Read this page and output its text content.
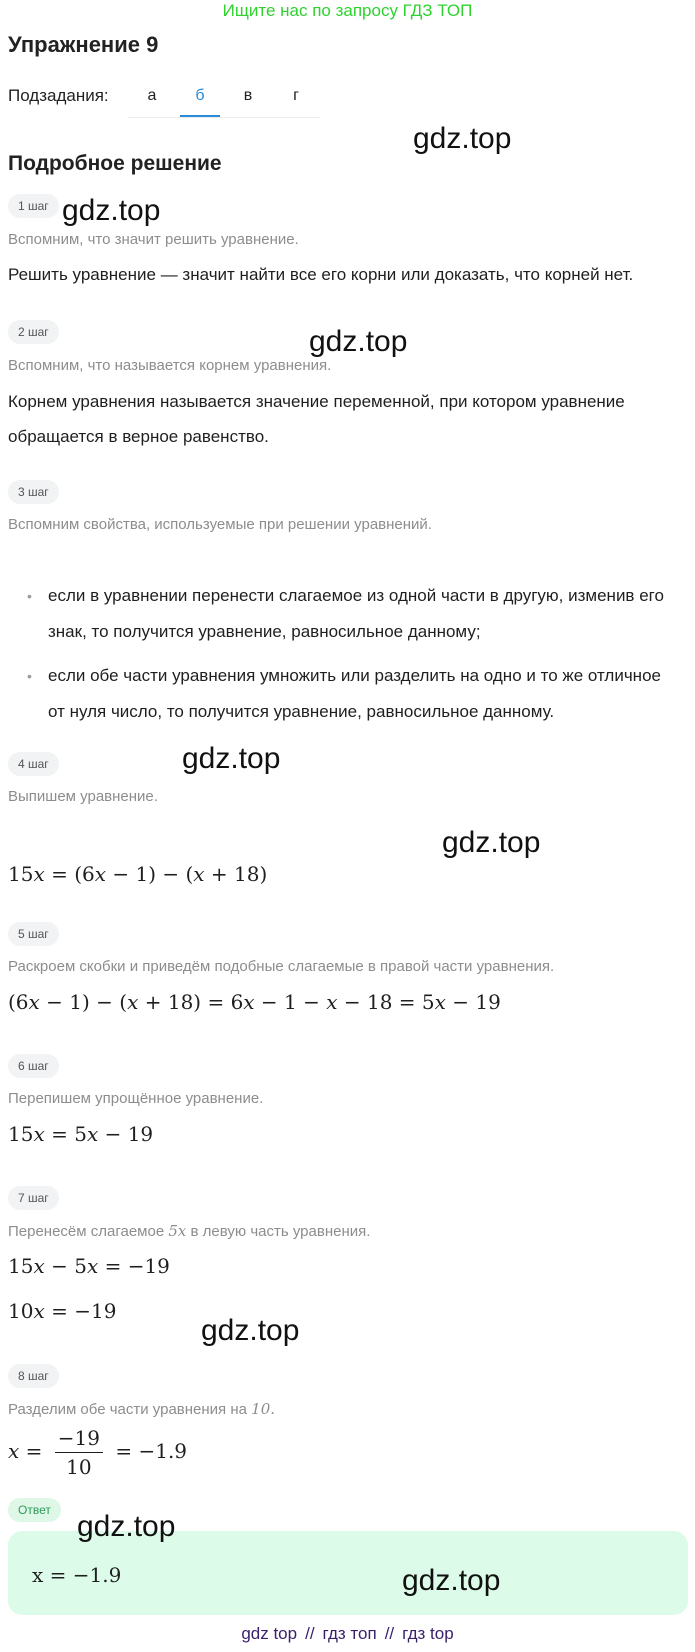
Ищите нас по запросу ГДЗ ТОП
Упражнение 9
Подзадания:	а	б	в	г
Подробное решение
1 шаг
Вспомним, что значит решить уравнение.
Решить уравнение — значит найти все его корни или доказать, что корней нет.
2 шаг
Вспомним, что называется корнем уравнения.
Корнем уравнения называется значение переменной, при котором уравнение
обращается в верное равенство.
3 шаг
Вспомним свойства, используемые при решении уравнений.
• если в уравнении перенести слагаемое из одной части в другую, изменив его знак, то получится уравнение, равносильное данному;
• если обе части уравнения умножить или разделить на одно и то же отличное от нуля число, то получится уравнение, равносильное данному.
4 шаг
Выпишем уравнение.
15x = (6x − 1) − (x + 18)
5 шаг
Раскроем скобки и приведём подобные слагаемые в правой части уравнения.
(6x − 1) − (x + 18) = 6x − 1 − x − 18 = 5x − 19
6 шаг
Перепишем упрощённое уравнение.
15x = 5x − 19
7 шаг
Перенесём слагаемое 5x в левую часть уравнения.
15x − 5x = −19
10x = −19
8 шаг
Разделим обе части уравнения на 10.
$x = \frac{-19}{10} = -1.9$
Ответ
x = −1.9
gdz.top
gdz.top
gdz.top
gdz.top
gdz.top
gdz.top
gdz.top
gdz.top
gdz top // гдз топ // гдз top
